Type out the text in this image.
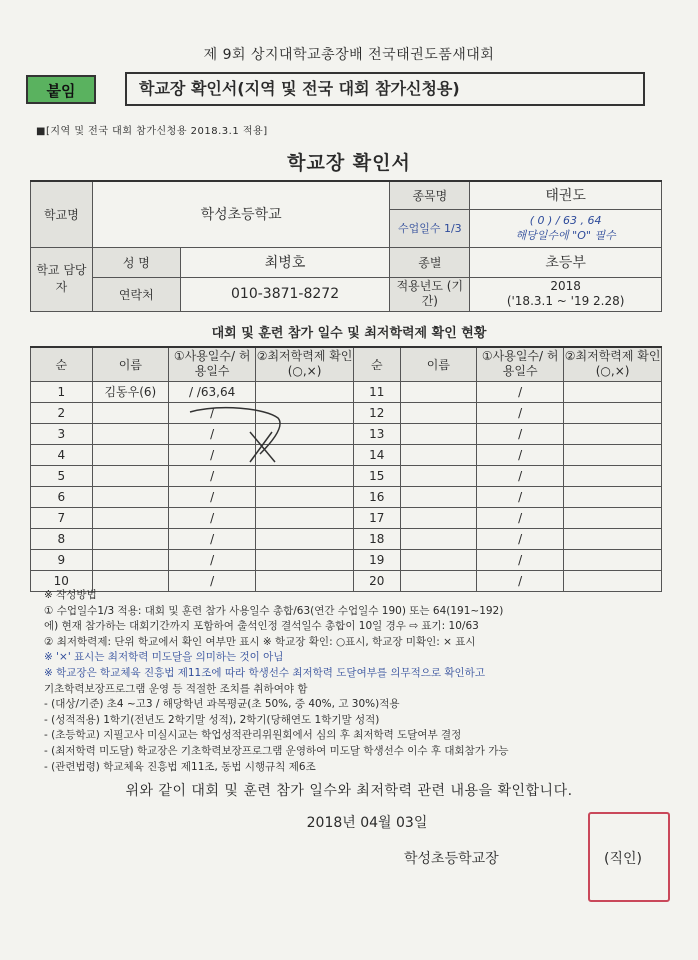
제 9회 상지대학교총장배 전국태권도품새대회
붙임	학교장 확인서(지역 및 전국 대회 참가신청용)
■[지역 및 전국 대회 참가신청용 2018.3.1 적용]
학교장 확인서
학교명	학성초등학교		종목명	태권도
			수업일수 1/3	( 0 ) / 63 , 64
해당일수에 "O" 필수

학교 담당자	성 명	최병호	종별	초등부
	연락처	010-3871-8272	적용년도 (기간)	2018
('18.3.1 ~ '19 2.28)
대회 및 훈련 참가 일수 및 최저학력제 확인 현황
순	이름	①사용일수/ 허용일수	②최저학력제 확인(○,×)	순	이름	①사용일수/ 허용일수	②최저학력제 확인(○,×)
1	김동우(6)	/ /63,64		11		/	
2		/		12		/	
3		/		13		/	
4		/		14		/	
5		/		15		/	
6		/		16		/	
7		/		17		/	
8		/		18		/	
9		/		19		/	
10		/		20		/	
※ 작성방법
① 수업일수1/3 적용: 대회 및 훈련 참가 사용일수 총합/63(연간 수업일수 190) 또는 64(191~192)
에) 현재 참가하는 대회기간까지 포함하여 출석인정 결석일수 총합이 10일 경우 ⇨ 표기: 10/63
② 최저학력제: 단위 학교에서 확인 여부만 표시 ※ 학교장 확인: ○표시, 학교장 미확인: × 표시
※ '×' 표시는 최저학력 미도달을 의미하는 것이 아님
※ 학교장은 학교체육 진흥법 제11조에 따라 학생선수 최저학력 도달여부를 의무적으로 확인하고
기초학력보장프로그램 운영 등 적절한 조치를 취하여야 함
- (대상/기준) 초4 ~고3 / 해당학년 과목평균(초 50%, 중 40%, 고 30%)적용
- (성적적용) 1학기(전년도 2학기말 성적), 2학기(당해연도 1학기말 성적)
- (초등학교) 지필고사 미실시교는 학업성적관리위원회에서 심의 후 최저학력 도달여부 결정
- (최저학력 미도달) 학교장은 기초학력보장프로그램 운영하여 미도달 학생선수 이수 후 대회참가 가능
- (관련법령) 학교체육 진흥법 제11조, 동법 시행규칙 제6조
위와 같이 대회 및 훈련 참가 일수와 최저학력 관련 내용을 확인합니다.
2018년 04월 03일
학성초등학교장	(직인)
